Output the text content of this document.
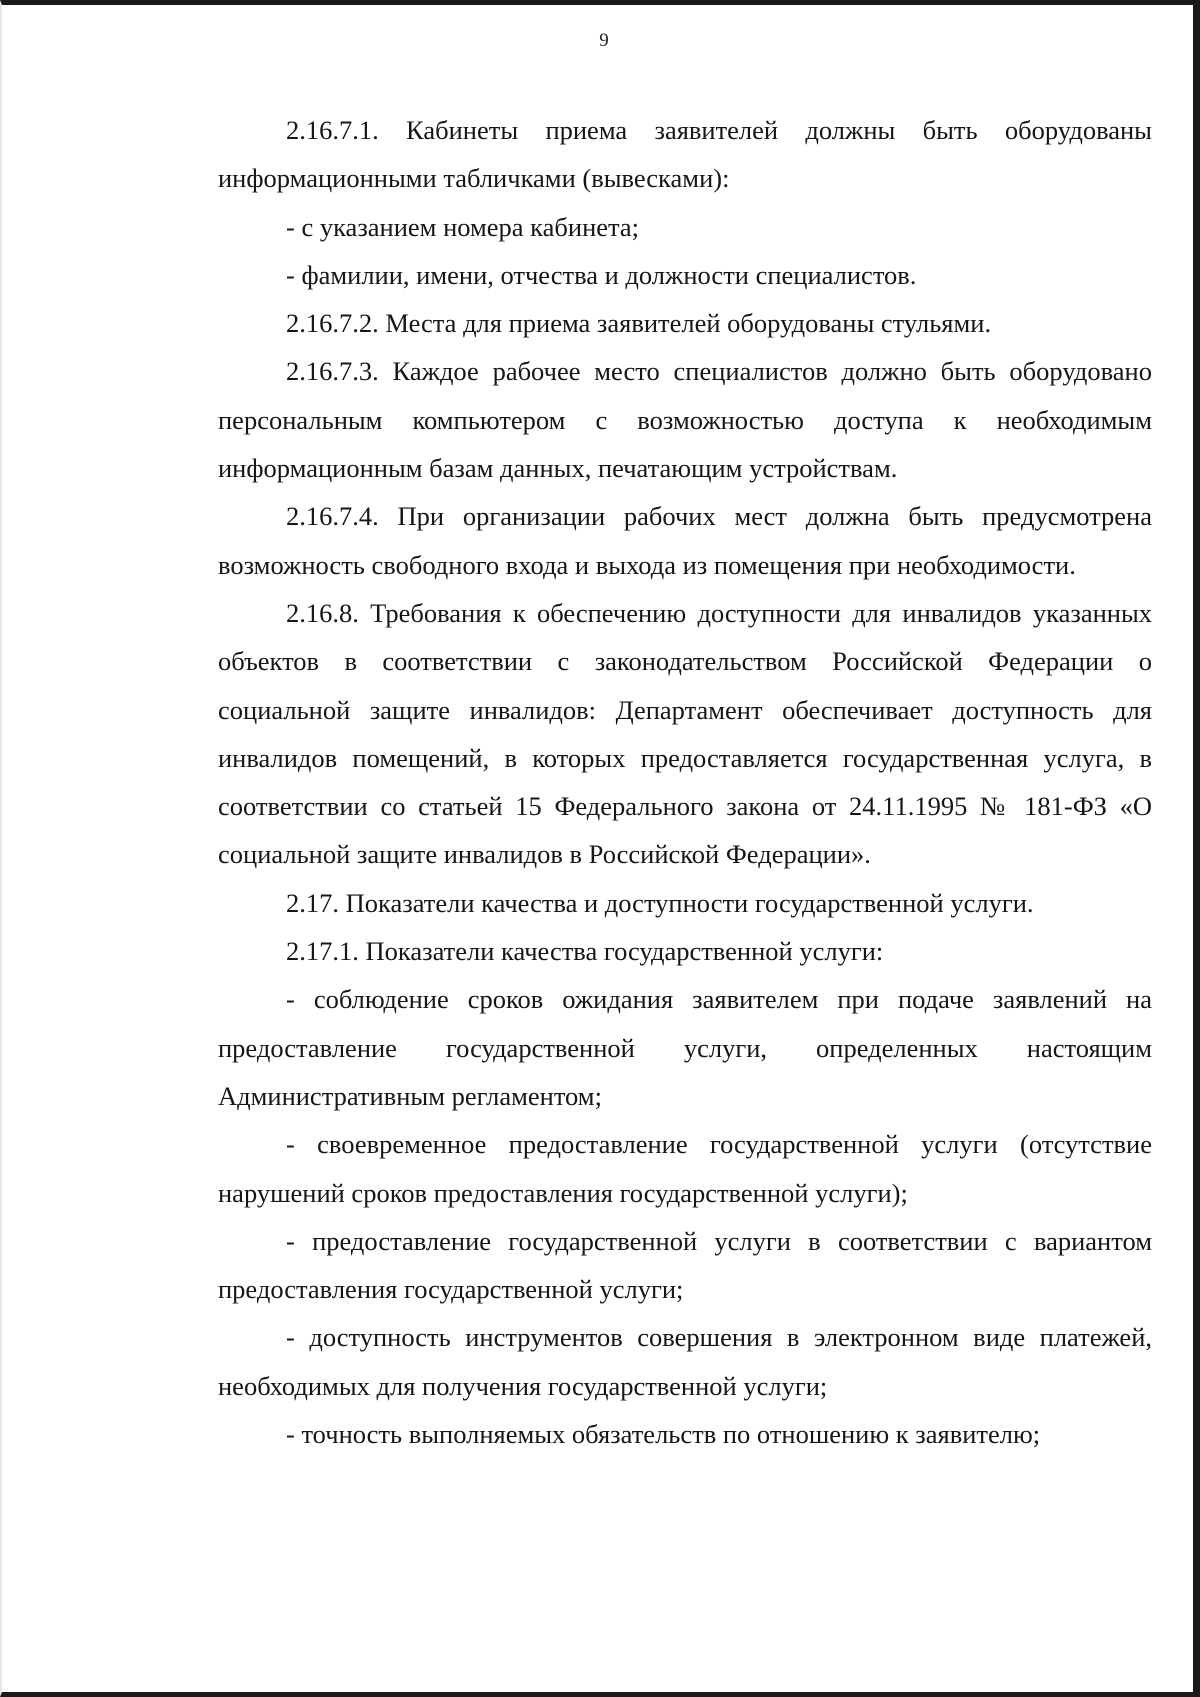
9

2.16.7.1. Кабинеты приема заявителей должны быть оборудованы информационными табличками (вывесками):

- с указанием номера кабинета;

- фамилии, имени, отчества и должности специалистов.

2.16.7.2. Места для приема заявителей оборудованы стульями.

2.16.7.3. Каждое рабочее место специалистов должно быть оборудовано персональным компьютером с возможностью доступа к необходимым информационным базам данных, печатающим устройствам.

2.16.7.4. При организации рабочих мест должна быть предусмотрена возможность свободного входа и выхода из помещения при необходимости.

2.16.8. Требования к обеспечению доступности для инвалидов указанных объектов в соответствии с законодательством Российской Федерации о социальной защите инвалидов: Департамент обеспечивает доступность для инвалидов помещений, в которых предоставляется государственная услуга, в соответствии со статьей 15 Федерального закона от 24.11.1995 № 181-ФЗ «О социальной защите инвалидов в Российской Федерации».

2.17. Показатели качества и доступности государственной услуги.

2.17.1. Показатели качества государственной услуги:

- соблюдение сроков ожидания заявителем при подаче заявлений на предоставление государственной услуги, определенных настоящим Административным регламентом;

- своевременное предоставление государственной услуги (отсутствие нарушений сроков предоставления государственной услуги);

- предоставление государственной услуги в соответствии с вариантом предоставления государственной услуги;

- доступность инструментов совершения в электронном виде платежей, необходимых для получения государственной услуги;

- точность выполняемых обязательств по отношению к заявителю;
